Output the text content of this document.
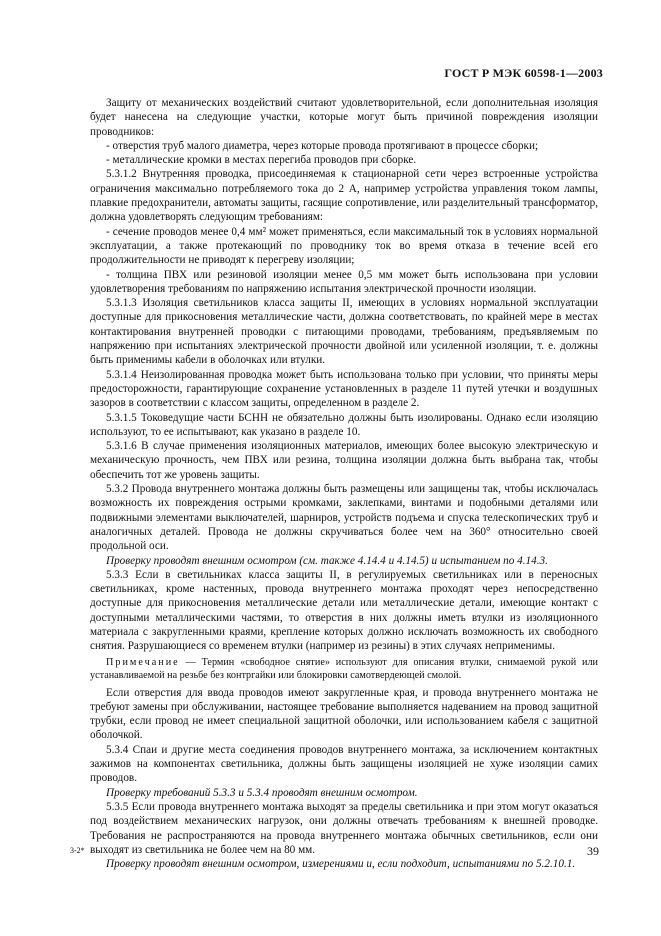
ГОСТ Р МЭК 60598-1—2003

Защиту от механических воздействий считают удовлетворительной, если дополнительная изоляция будет нанесена на следующие участки, которые могут быть причиной повреждения изоляции проводников:

- отверстия труб малого диаметра, через которые провода протягивают в процессе сборки;

- металлические кромки в местах перегиба проводов при сборке.

5.3.1.2 Внутренняя проводка, присоединяемая к стационарной сети через встроенные устройства ограничения максимально потребляемого тока до 2 А, например устройства управления током лампы, плавкие предохранители, автоматы защиты, гасящие сопротивление, или разделительный трансформатор, должна удовлетворять следующим требованиям:

- сечение проводов менее 0,4 мм² может применяться, если максимальный ток в условиях нормальной эксплуатации, а также протекающий по проводнику ток во время отказа в течение всей его продолжительности не приводят к перегреву изоляции;

- толщина ПВХ или резиновой изоляции менее 0,5 мм может быть использована при условии удовлетворения требованиям по напряжению испытания электрической прочности изоляции.

5.3.1.3 Изоляция светильников класса защиты II, имеющих в условиях нормальной эксплуатации доступные для прикосновения металлические части, должна соответствовать, по крайней мере в местах контактирования внутренней проводки с питающими проводами, требованиям, предъявляемым по напряжению при испытаниях электрической прочности двойной или усиленной изоляции, т. е. должны быть применимы кабели в оболочках или втулки.

5.3.1.4 Неизолированная проводка может быть использована только при условии, что приняты меры предосторожности, гарантирующие сохранение установленных в разделе 11 путей утечки и воздушных зазоров в соответствии с классом защиты, определенном в разделе 2.

5.3.1.5 Токоведущие части БСНН не обязательно должны быть изолированы. Однако если изоляцию используют, то ее испытывают, как указано в разделе 10.

5.3.1.6 В случае применения изоляционных материалов, имеющих более высокую электрическую и механическую прочность, чем ПВХ или резина, толщина изоляции должна быть выбрана так, чтобы обеспечить тот же уровень защиты.

5.3.2 Провода внутреннего монтажа должны быть размещены или защищены так, чтобы исключалась возможность их повреждения острыми кромками, заклепками, винтами и подобными деталями или подвижными элементами выключателей, шарниров, устройств подъема и спуска телескопических труб и аналогичных деталей. Провода не должны скручиваться более чем на 360° относительно своей продольной оси.

Проверку проводят внешним осмотром (см. также 4.14.4 и 4.14.5) и испытанием по 4.14.3.

5.3.3 Если в светильниках класса защиты II, в регулируемых светильниках или в переносных светильниках, кроме настенных, провода внутреннего монтажа проходят через непосредственно доступные для прикосновения металлические детали или металлические детали, имеющие контакт с доступными металлическими частями, то отверстия в них должны иметь втулки из изоляционного материала с закругленными краями, крепление которых должно исключать возможность их свободного снятия. Разрушающиеся со временем втулки (например из резины) в этих случаях неприменимы.

Примечание — Термин «свободное снятие» используют для описания втулки, снимаемой рукой или устанавливаемой на резьбе без контргайки или блокировки самотвердеющей смолой.

Если отверстия для ввода проводов имеют закругленные края, и провода внутреннего монтажа не требуют замены при обслуживании, настоящее требование выполняется надеванием на провод защитной трубки, если провод не имеет специальной защитной оболочки, или использованием кабеля с защитной оболочкой.

5.3.4 Спаи и другие места соединения проводов внутреннего монтажа, за исключением контактных зажимов на компонентах светильника, должны быть защищены изоляцией не хуже изоляции самих проводов.

Проверку требований 5.3.3 и 5.3.4 проводят внешним осмотром.

5.3.5 Если провода внутреннего монтажа выходят за пределы светильника и при этом могут оказаться под воздействием механических нагрузок, они должны отвечать требованиям к внешней проводке. Требования не распространяются на провода внутреннего монтажа обычных светильников, если они выходят из светильника не более чем на 80 мм.

Проверку проводят внешним осмотром, измерениями и, если подходит, испытаниями по 5.2.10.1.

3-2*	39
